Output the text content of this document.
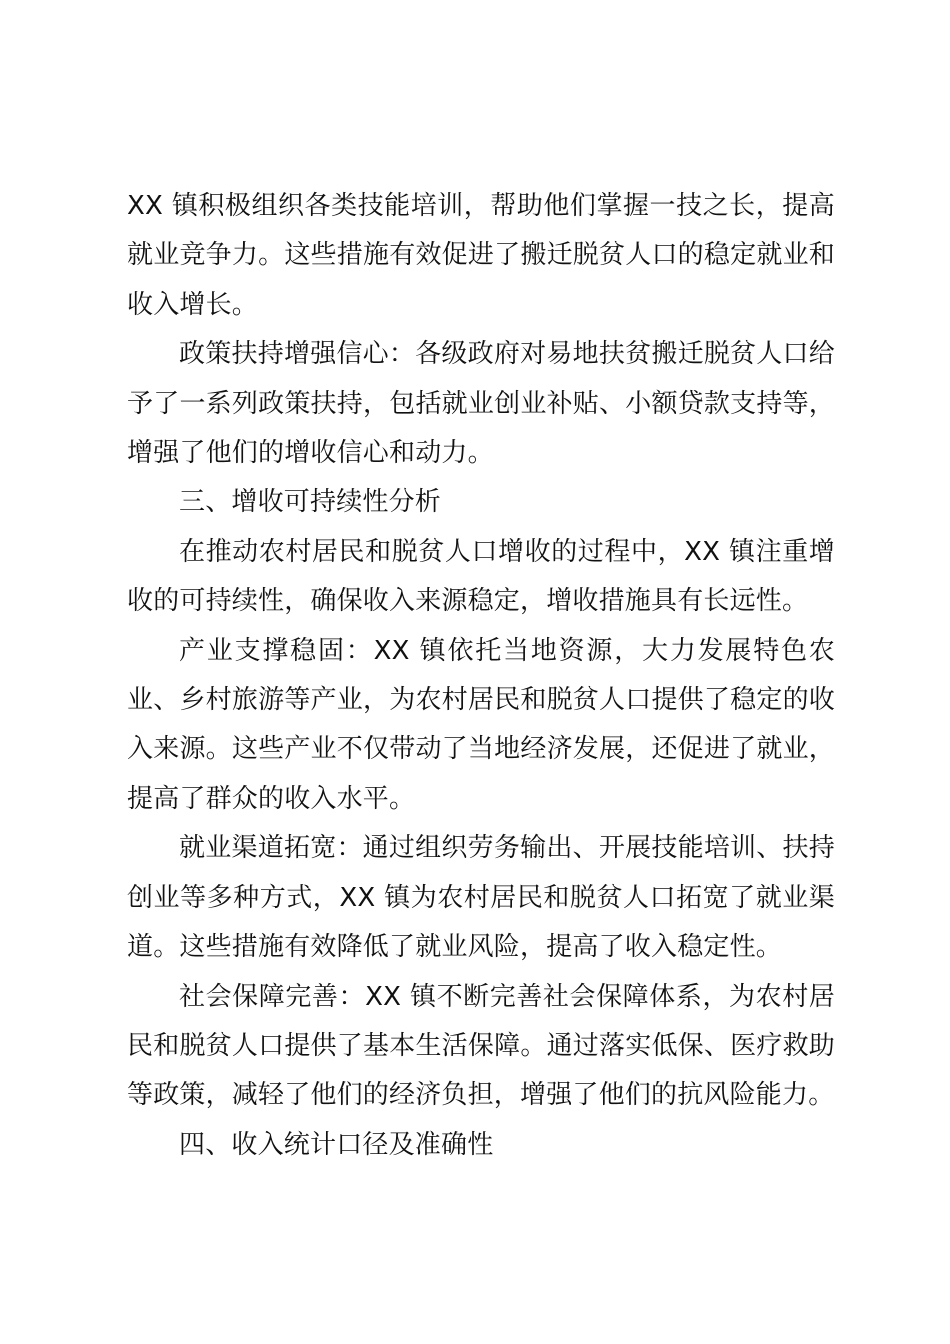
XX 镇积极组织各类技能培训，帮助他们掌握一技之长，提高就业竞争力。这些措施有效促进了搬迁脱贫人口的稳定就业和收入增长。

政策扶持增强信心：各级政府对易地扶贫搬迁脱贫人口给予了一系列政策扶持，包括就业创业补贴、小额贷款支持等，增强了他们的增收信心和动力。

三、增收可持续性分析

在推动农村居民和脱贫人口增收的过程中，XX 镇注重增收的可持续性，确保收入来源稳定，增收措施具有长远性。

产业支撑稳固：XX 镇依托当地资源，大力发展特色农业、乡村旅游等产业，为农村居民和脱贫人口提供了稳定的收入来源。这些产业不仅带动了当地经济发展，还促进了就业，提高了群众的收入水平。

就业渠道拓宽：通过组织劳务输出、开展技能培训、扶持创业等多种方式，XX 镇为农村居民和脱贫人口拓宽了就业渠道。这些措施有效降低了就业风险，提高了收入稳定性。

社会保障完善：XX 镇不断完善社会保障体系，为农村居民和脱贫人口提供了基本生活保障。通过落实低保、医疗救助等政策，减轻了他们的经济负担，增强了他们的抗风险能力。

四、收入统计口径及准确性
